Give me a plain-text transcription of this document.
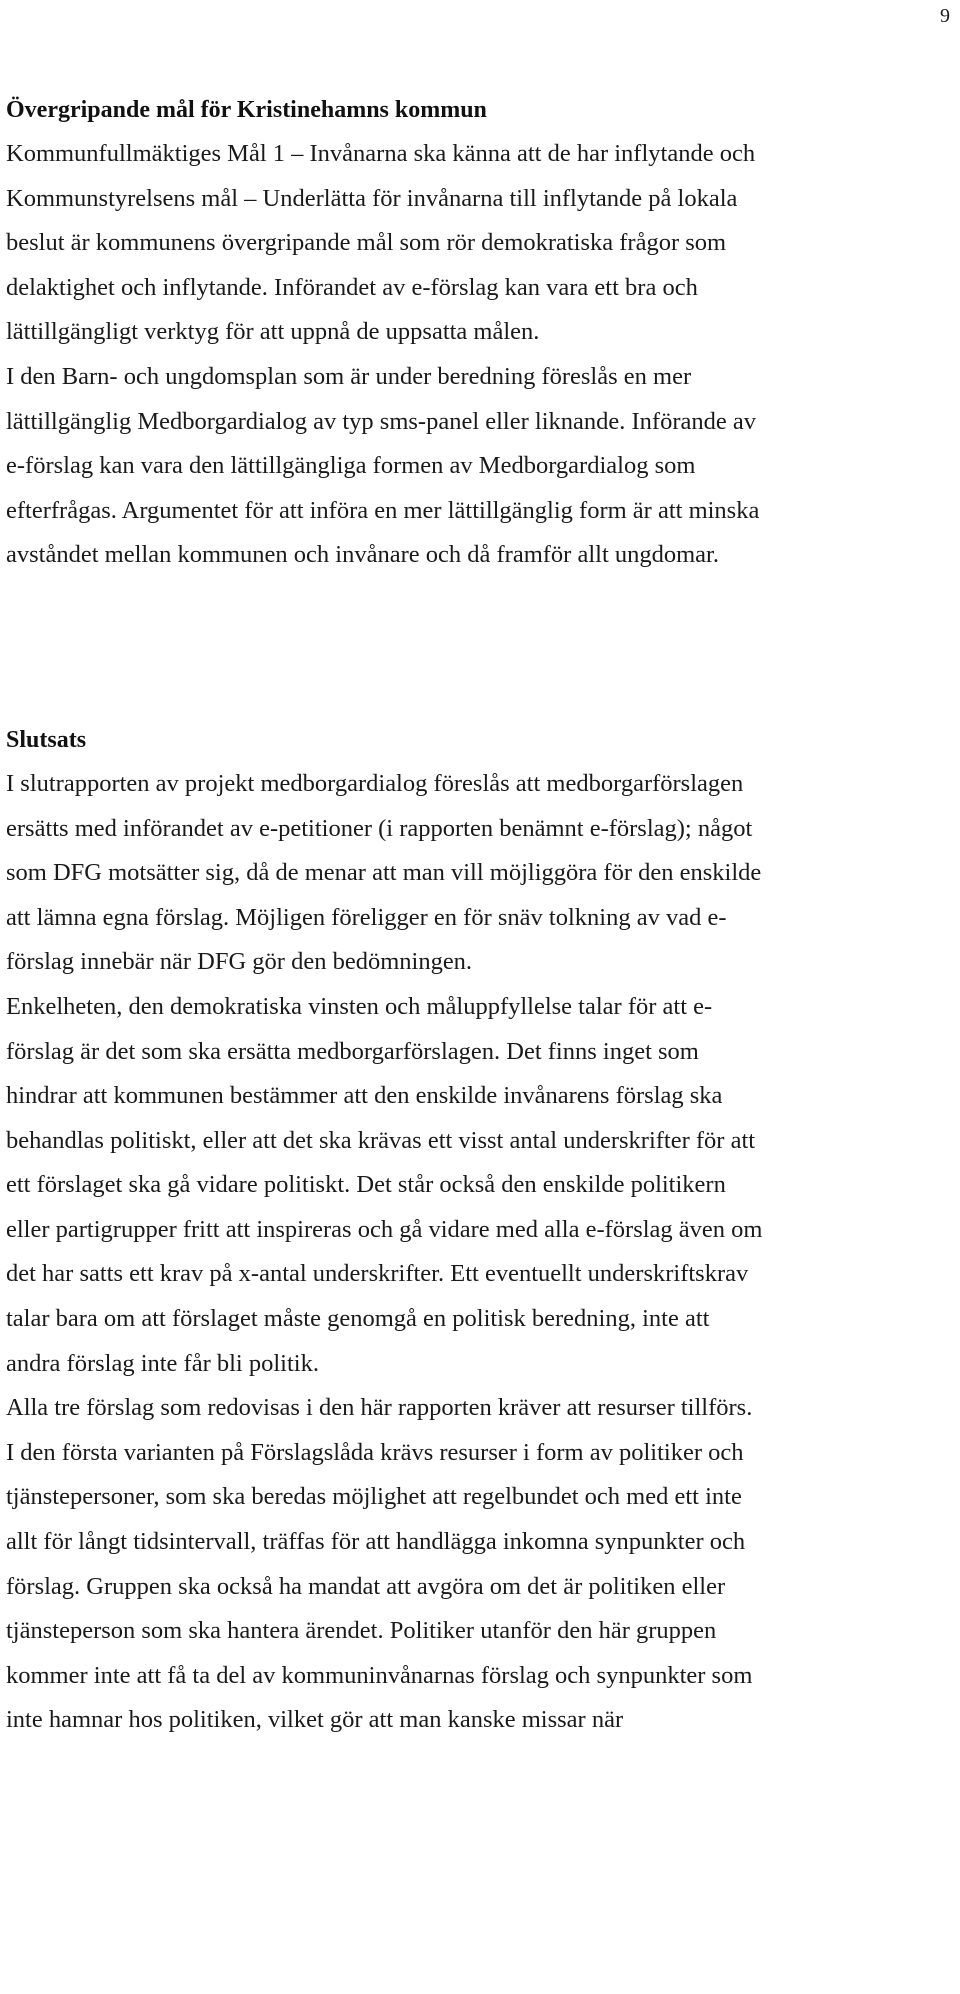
9
Övergripande mål för Kristinehamns kommun

Kommunfullmäktiges Mål 1 – Invånarna ska känna att de har inflytande och
Kommunstyrelsens mål – Underlätta för invånarna till inflytande på lokala
beslut är kommunens övergripande mål som rör demokratiska frågor som
delaktighet och inflytande. Införandet av e-förslag kan vara ett bra och
lättillgängligt verktyg för att uppnå de uppsatta målen.
I den Barn- och ungdomsplan som är under beredning föreslås en mer
lättillgänglig Medborgardialog av typ sms-panel eller liknande. Införande av
e-förslag kan vara den lättillgängliga formen av Medborgardialog som
efterfrågas. Argumentet för att införa en mer lättillgänglig form är att minska
avståndet mellan kommunen och invånare och då framför allt ungdomar.

Slutsats

I slutrapporten av projekt medborgardialog föreslås att medborgarförslagen
ersätts med införandet av e-petitioner (i rapporten benämnt e-förslag); något
som DFG motsätter sig, då de menar att man vill möjliggöra för den enskilde
att lämna egna förslag. Möjligen föreligger en för snäv tolkning av vad e-
förslag innebär när DFG gör den bedömningen.
Enkelheten, den demokratiska vinsten och måluppfyllelse talar för att e-
förslag är det som ska ersätta medborgarförslagen. Det finns inget som
hindrar att kommunen bestämmer att den enskilde invånarens förslag ska
behandlas politiskt, eller att det ska krävas ett visst antal underskrifter för att
ett förslaget ska gå vidare politiskt. Det står också den enskilde politikern
eller partigrupper fritt att inspireras och gå vidare med alla e-förslag även om
det har satts ett krav på x-antal underskrifter. Ett eventuellt underskriftskrav
talar bara om att förslaget måste genomgå en politisk beredning, inte att
andra förslag inte får bli politik.
Alla tre förslag som redovisas i den här rapporten kräver att resurser tillförs.
I den första varianten på Förslagslåda krävs resurser i form av politiker och
tjänstepersoner, som ska beredas möjlighet att regelbundet och med ett inte
allt för långt tidsintervall, träffas för att handlägga inkomna synpunkter och
förslag. Gruppen ska också ha mandat att avgöra om det är politiken eller
tjänsteperson som ska hantera ärendet. Politiker utanför den här gruppen
kommer inte att få ta del av kommuninvånarnas förslag och synpunkter som
inte hamnar hos politiken, vilket gör att man kanske missar när
